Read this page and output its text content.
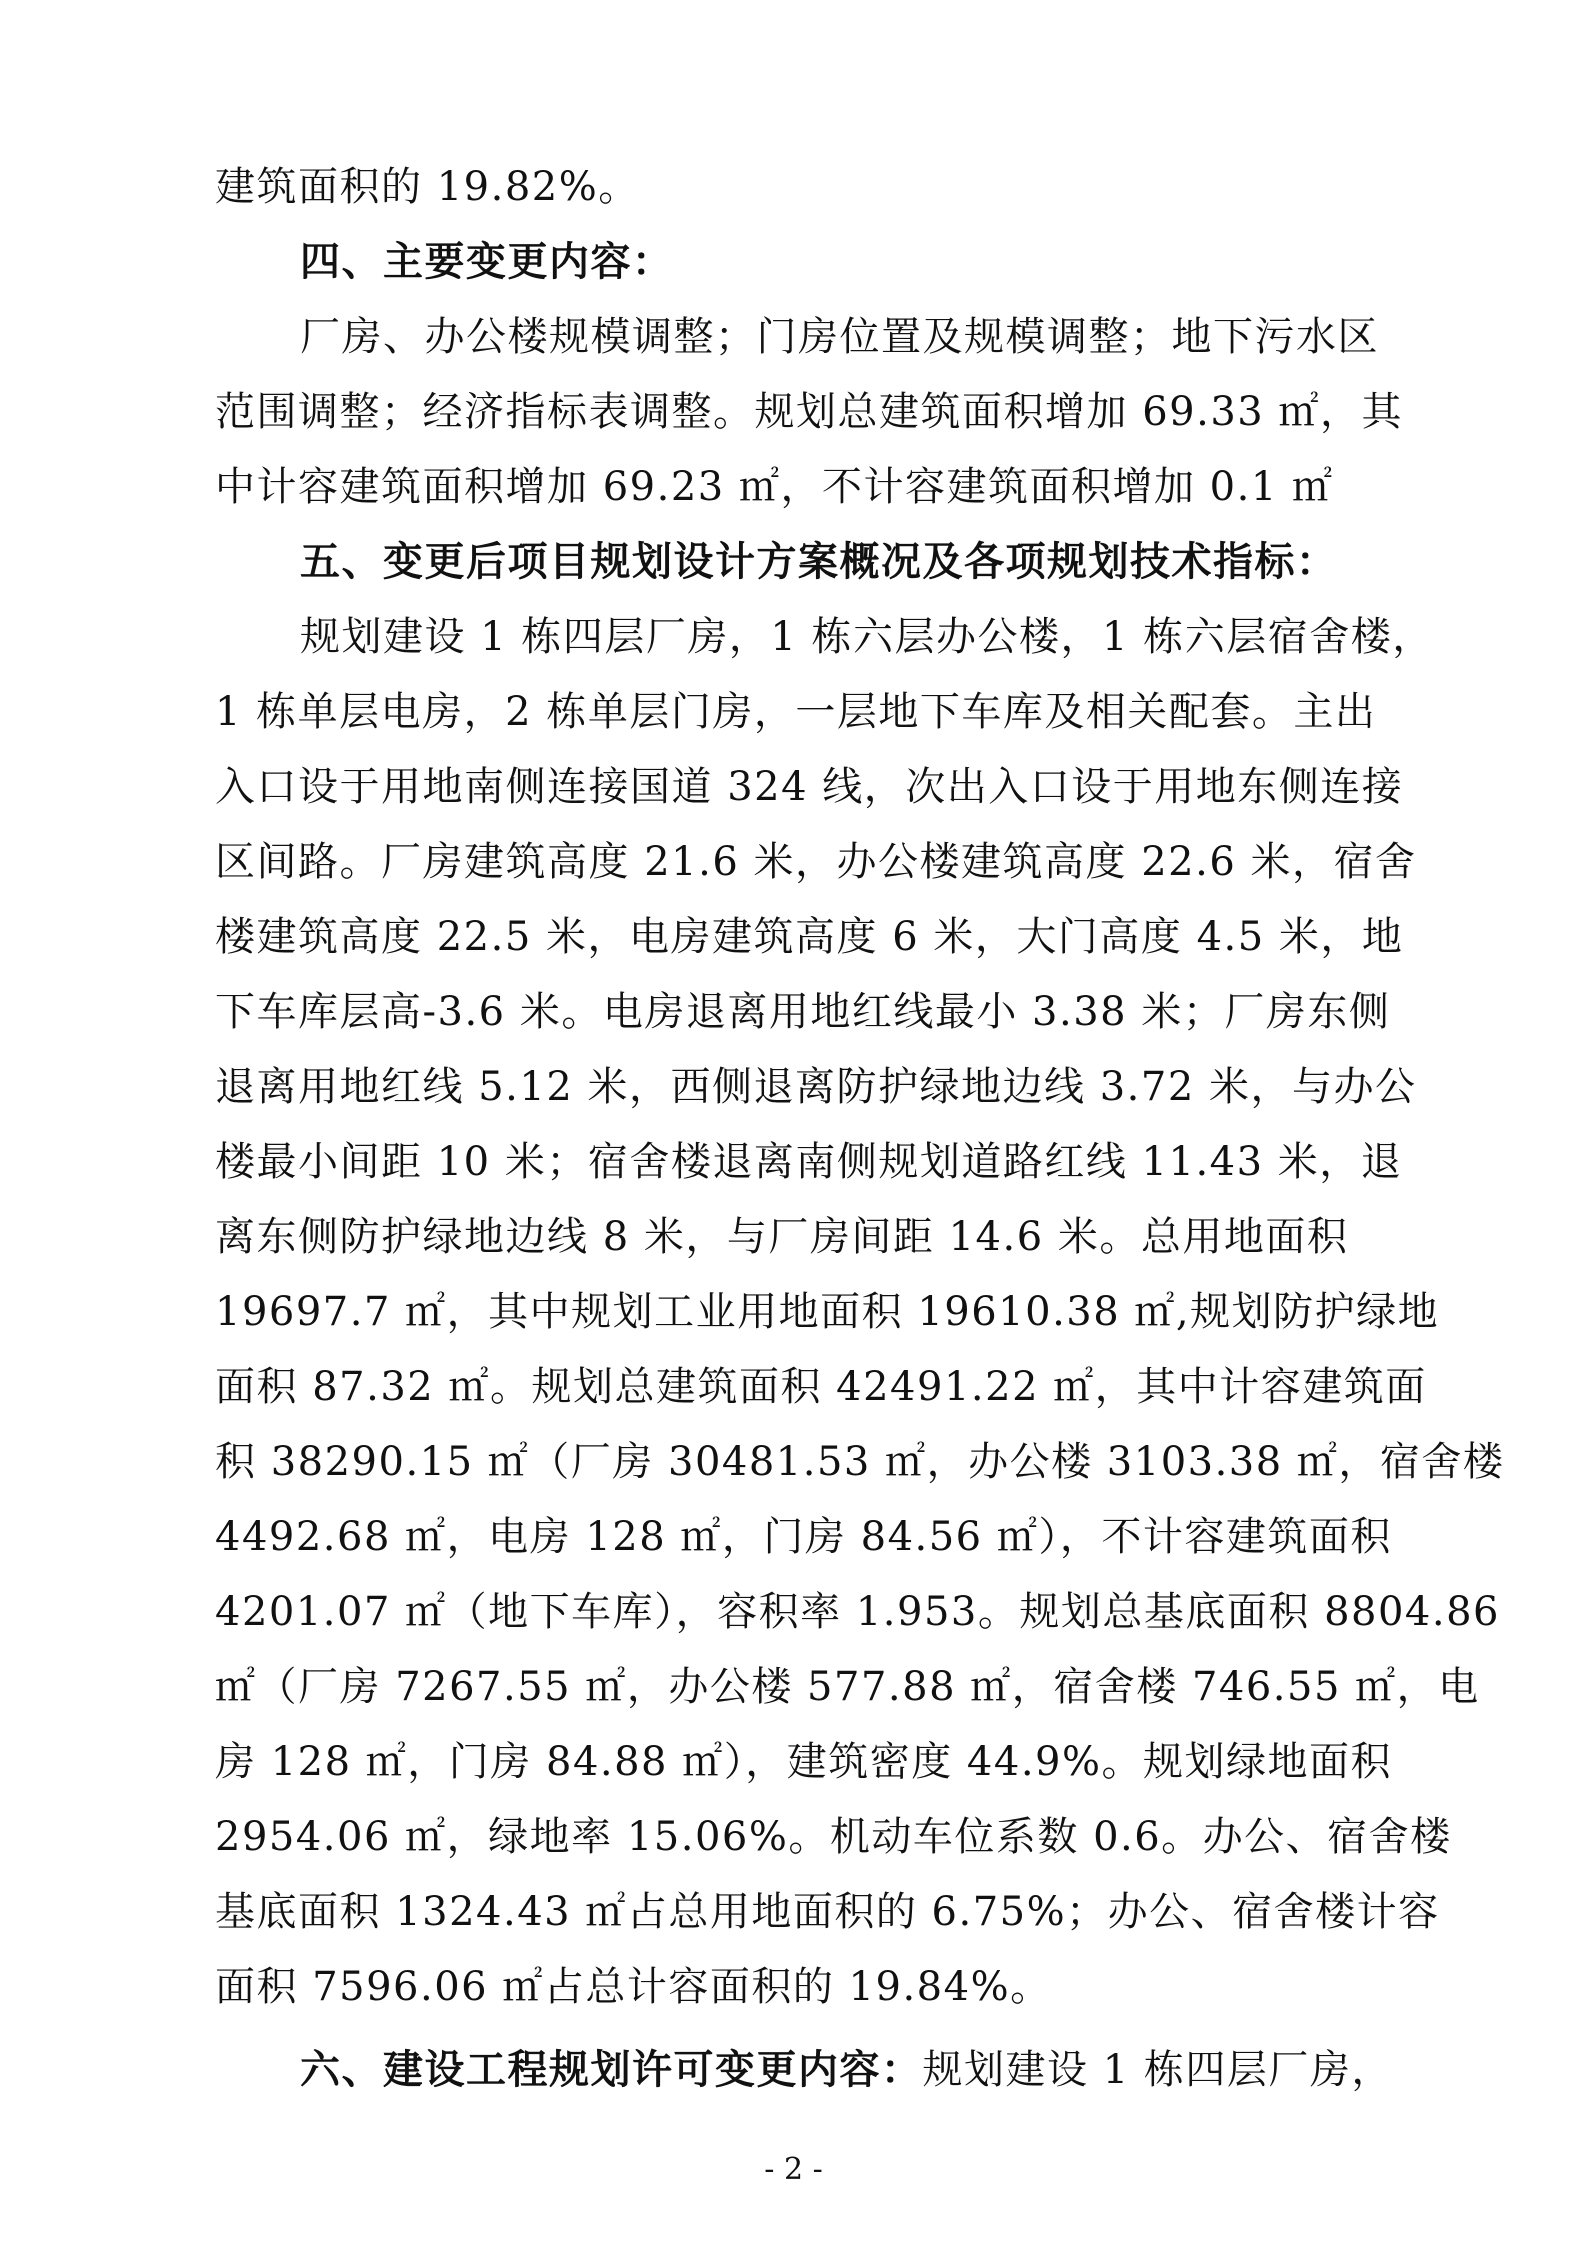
建筑面积的 19.82%。
四、主要变更内容：
厂房、办公楼规模调整；门房位置及规模调整；地下污水区
范围调整；经济指标表调整。规划总建筑面积增加 69.33 ㎡，其
中计容建筑面积增加 69.23 ㎡，不计容建筑面积增加 0.1 ㎡
五、变更后项目规划设计方案概况及各项规划技术指标：
规划建设 1 栋四层厂房，1 栋六层办公楼，1 栋六层宿舍楼，
1 栋单层电房，2 栋单层门房，一层地下车库及相关配套。主出
入口设于用地南侧连接国道 324 线，次出入口设于用地东侧连接
区间路。厂房建筑高度 21.6 米，办公楼建筑高度 22.6 米，宿舍
楼建筑高度 22.5 米，电房建筑高度 6 米，大门高度 4.5 米，地
下车库层高-3.6 米。电房退离用地红线最小 3.38 米；厂房东侧
退离用地红线 5.12 米，西侧退离防护绿地边线 3.72 米，与办公
楼最小间距 10 米；宿舍楼退离南侧规划道路红线 11.43 米，退
离东侧防护绿地边线 8 米，与厂房间距 14.6 米。总用地面积
19697.7 ㎡，其中规划工业用地面积 19610.38 ㎡,规划防护绿地
面积 87.32 ㎡。规划总建筑面积 42491.22 ㎡，其中计容建筑面
积 38290.15 ㎡（厂房 30481.53 ㎡，办公楼 3103.38 ㎡，宿舍楼
4492.68 ㎡，电房 128 ㎡，门房 84.56 ㎡），不计容建筑面积
4201.07 ㎡（地下车库），容积率 1.953。规划总基底面积 8804.86
㎡（厂房 7267.55 ㎡，办公楼 577.88 ㎡，宿舍楼 746.55 ㎡，电
房 128 ㎡，门房 84.88 ㎡），建筑密度 44.9%。规划绿地面积
2954.06 ㎡，绿地率 15.06%。机动车位系数 0.6。办公、宿舍楼
基底面积 1324.43 ㎡占总用地面积的 6.75%；办公、宿舍楼计容
面积 7596.06 ㎡占总计容面积的 19.84%。
六、建设工程规划许可变更内容：规划建设 1 栋四层厂房，
- 2 -
